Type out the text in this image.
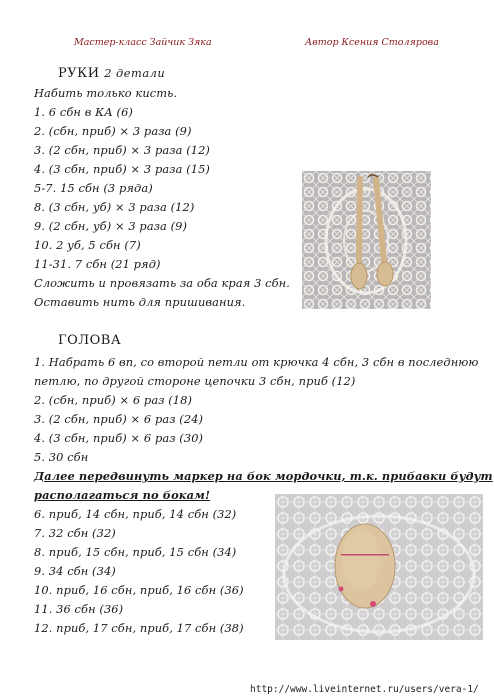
Мастер-класс Зайчик Зяка	Автор Ксения Столярова
РУКИ 2 детали
Набить только кисть.
1. 6 сбн в КА (6)
2. (сбн, приб) × 3 раза (9)
3. (2 сбн, приб) × 3 раза (12)
4. (3 сбн, приб) × 3 раза (15)
5-7. 15 сбн (3 ряда)
8. (3 сбн, уб) × 3 раза (12)
9. (2 сбн, уб) × 3 раза (9)
10. 2 уб, 5 сбн (7)
11-31. 7 сбн (21 ряд)
Сложить и провязать за оба края 3 сбн.
Оставить нить для пришивания.
ГОЛОВА
1. Набрать 6 вп, со второй петли от крючка 4 сбн, 3 сбн в последнюю
петлю, по другой стороне цепочки 3 сбн, приб (12)
2. (сбн, приб) × 6 раз (18)
3. (2 сбн, приб) × 6 раз (24)
4. (3 сбн, приб) × 6 раз (30)
5. 30 сбн
Далее передвинуть маркер на бок мордочки, т.к. прибавки будут
располагаться по бокам!
6. приб, 14 сбн, приб, 14 сбн (32)
7. 32 сбн (32)
8. приб, 15 сбн, приб, 15 сбн (34)
9. 34 сбн (34)
10. приб, 16 сбн, приб, 16 сбн (36)
11. 36 сбн (36)
12. приб, 17 сбн, приб, 17 сбн (38)
http://www.liveinternet.ru/users/vera-1/
